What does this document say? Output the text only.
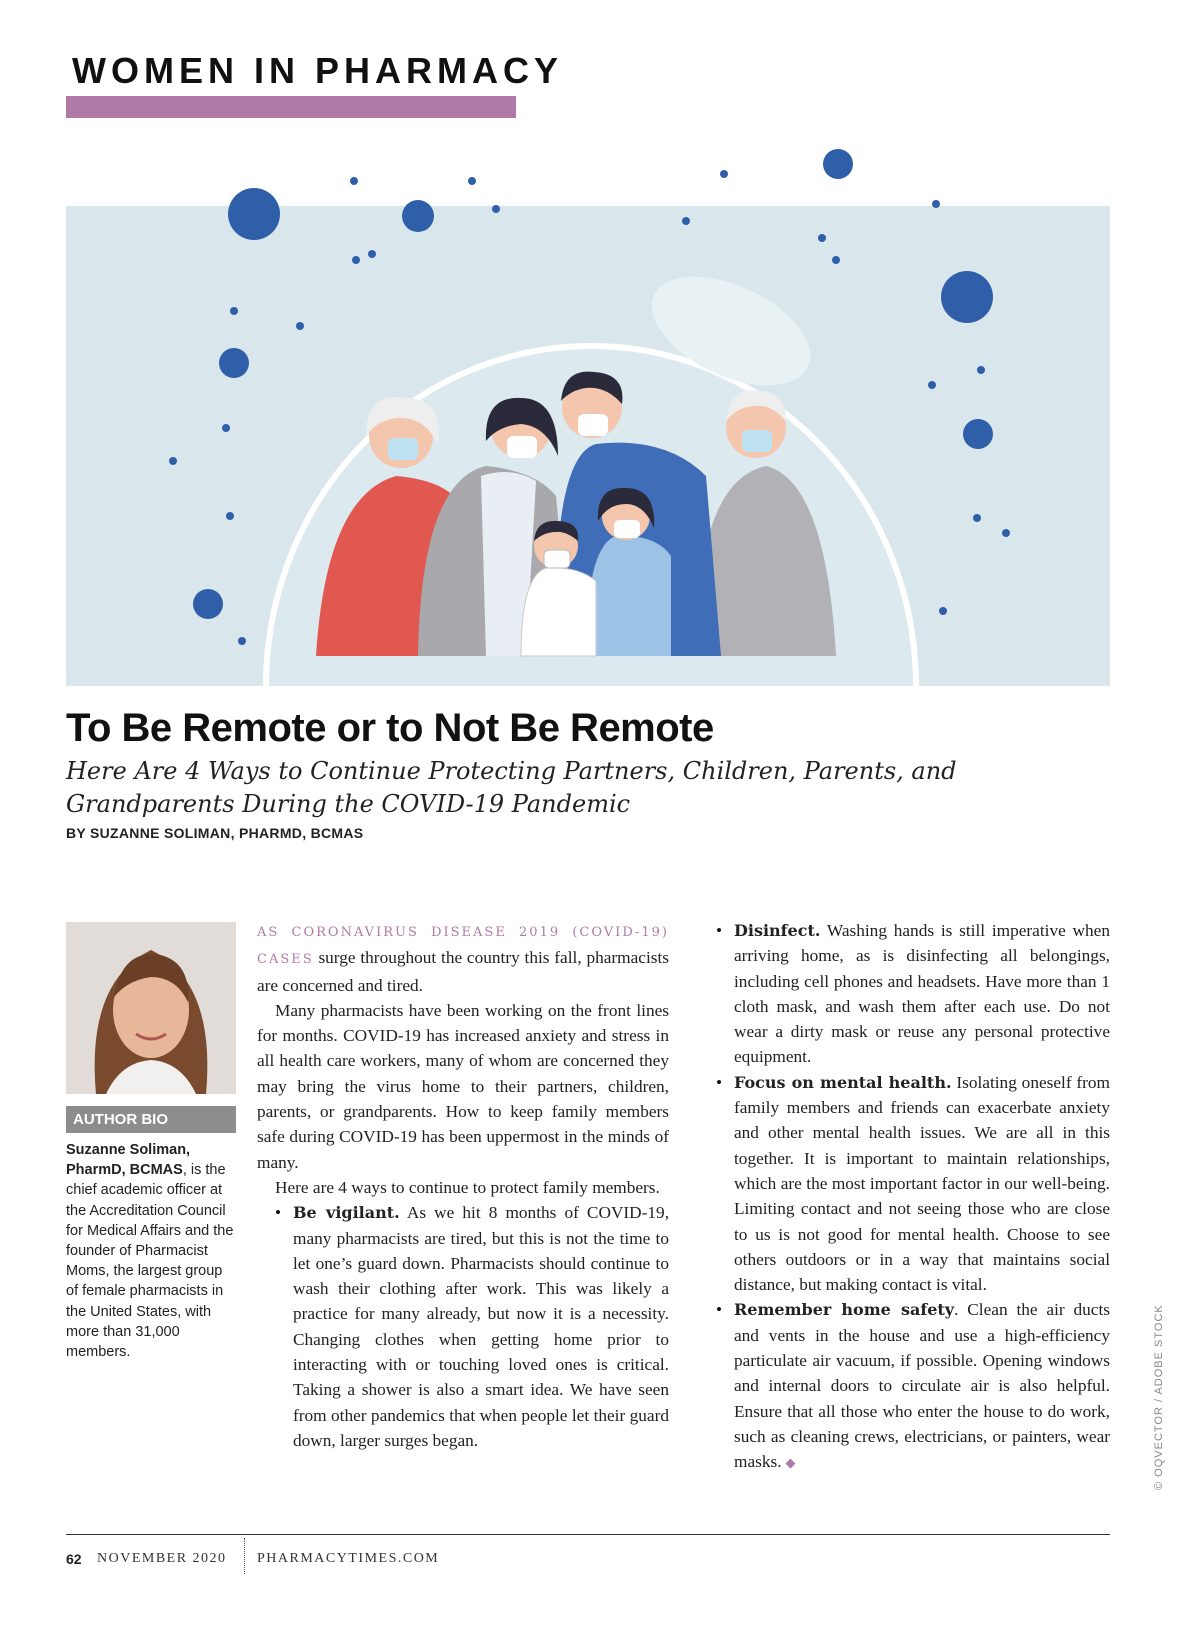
WOMEN IN PHARMACY
To Be Remote or to Not Be Remote

Here Are 4 Ways to Continue Protecting Partners, Children, Parents, and Grandparents During the COVID-19 Pandemic

BY SUZANNE SOLIMAN, PHARMD, BCMAS

AUTHOR BIO

Suzanne Soliman, PharmD, BCMAS, is the chief academic officer at the Accreditation Council for Medical Affairs and the founder of Pharmacist Moms, the largest group of female pharmacists in the United States, with more than 31,000 members.

AS CORONAVIRUS DISEASE 2019 (COVID-19) CASES surge throughout the country this fall, pharmacists are concerned and tired.

Many pharmacists have been working on the front lines for months. COVID-19 has increased anxiety and stress in all health care workers, many of whom are concerned they may bring the virus home to their partners, children, parents, or grandparents. How to keep family members safe during COVID-19 has been uppermost in the minds of many.

Here are 4 ways to continue to protect family members.

• Be vigilant. As we hit 8 months of COVID-19, many pharmacists are tired, but this is not the time to let one’s guard down. Pharmacists should continue to wash their clothing after work. This was likely a practice for many already, but now it is a necessity. Changing clothes when getting home prior to interacting with or touching loved ones is critical. Taking a shower is also a smart idea. We have seen from other pandemics that when people let their guard down, larger surges began.
• Disinfect. Washing hands is still imperative when arriving home, as is disinfecting all belongings, including cell phones and headsets. Have more than 1 cloth mask, and wash them after each use. Do not wear a dirty mask or reuse any personal protective equipment.
• Focus on mental health. Isolating oneself from family members and friends can exacerbate anxiety and other mental health issues. We are all in this together. It is important to maintain relationships, which are the most important factor in our well-being. Limiting contact and not seeing those who are close to us is not good for mental health. Choose to see others outdoors or in a way that maintains social distance, but making contact is vital.
• Remember home safety. Clean the air ducts and vents in the house and use a high-efficiency particulate air vacuum, if possible. Opening windows and internal doors to circulate air is also helpful. Ensure that all those who enter the house to do work, such as cleaning crews, electricians, or painters, wear masks. ◆	© OQVECTOR / ADOBE STOCK
62 NOVEMBER 2020 PHARMACYTIMES.COM
